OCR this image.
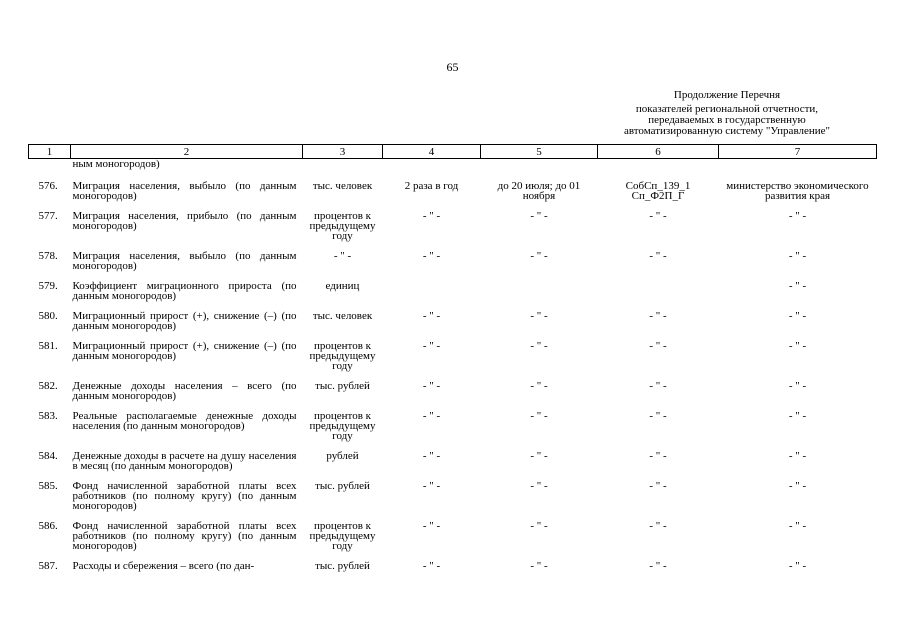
65
Продолжение Перечня
показателей региональной отчетности,
передаваемых в государственную
автоматизированную систему "Управление"
1	2	3	4	5	6	7
	ным моногородов)					
576.	Миграция населения, выбыло (по данным моногородов)	тыс. человек	2 раза в год	до 20 июля; до 01 ноября	СобСп_139_1 Сп_Ф2П_Г	министерство экономического развития края
577.	Миграция населения, прибыло (по данным моногородов)	процентов к предыдущему году	- " -	- " -	- " -	- " -
578.	Миграция населения, выбыло (по данным моногородов)	- " -	- " -	- " -	- " -	- " -
579.	Коэффициент миграционного прироста (по данным моногородов)	единиц				- " -
580.	Миграционный прирост (+), снижение (–) (по данным моногородов)	тыс. человек	- " -	- " -	- " -	- " -
581.	Миграционный прирост (+), снижение (–) (по данным моногородов)	процентов к предыдущему году	- " -	- " -	- " -	- " -
582.	Денежные доходы населения – всего (по данным моногородов)	тыс. рублей	- " -	- " -	- " -	- " -
583.	Реальные располагаемые денежные доходы населения (по данным моногородов)	процентов к предыдущему году	- " -	- " -	- " -	- " -
584.	Денежные доходы в расчете на душу населения в месяц (по данным моногородов)	рублей	- " -	- " -	- " -	- " -
585.	Фонд начисленной заработной платы всех работников (по полному кругу) (по данным моногородов)	тыс. рублей	- " -	- " -	- " -	- " -
586.	Фонд начисленной заработной платы всех работников (по полному кругу) (по данным моногородов)	процентов к предыдущему году	- " -	- " -	- " -	- " -
587.	Расходы и сбережения – всего (по дан-	тыс. рублей	- " -	- " -	- " -	- " -
